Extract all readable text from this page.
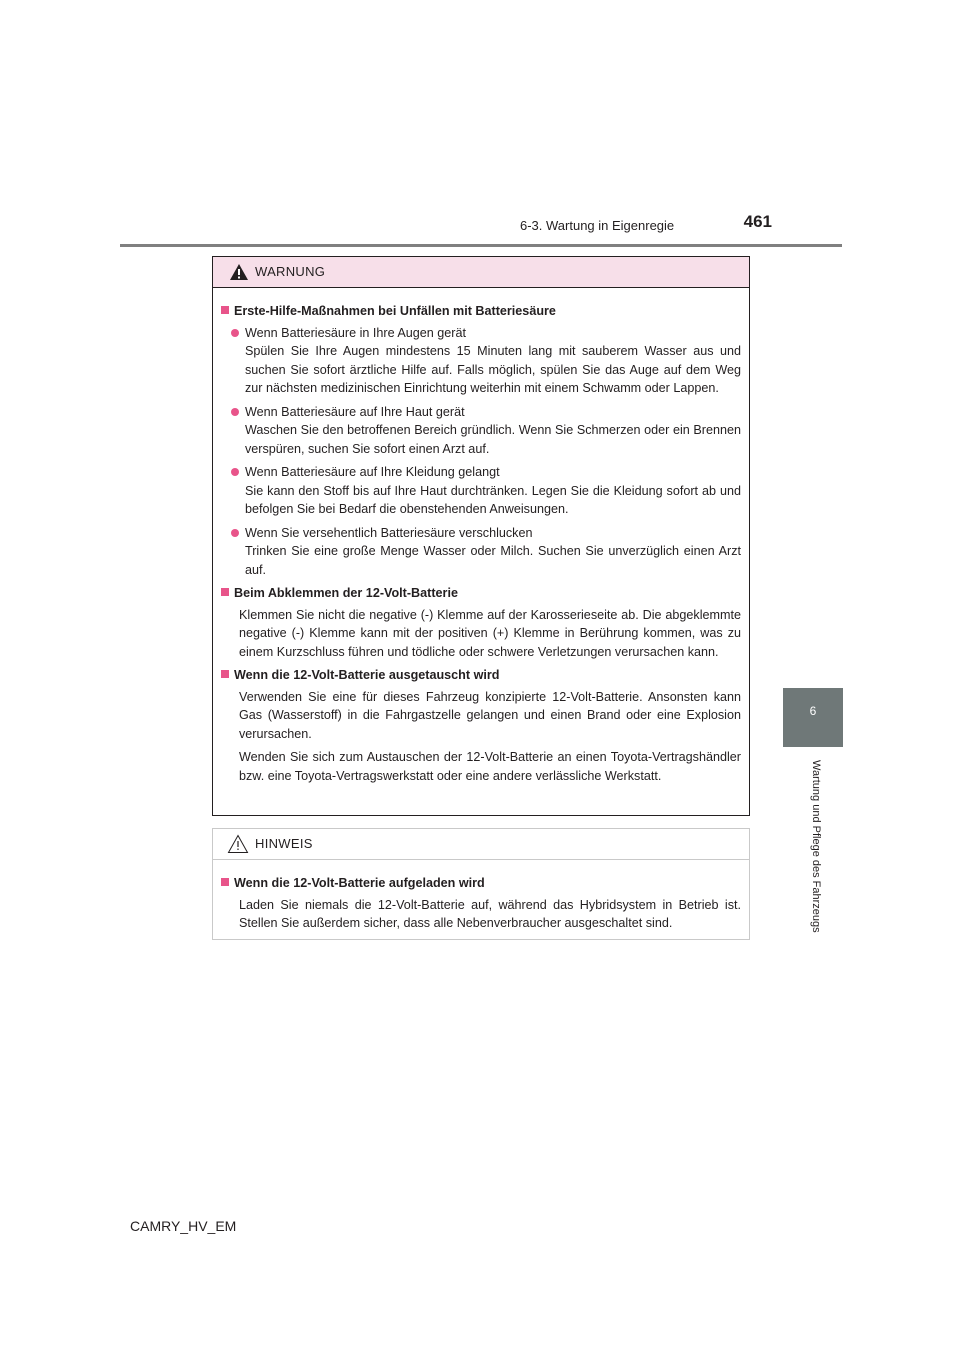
6-3. Wartung in Eigenregie	461
6
Wartung und Pflege des Fahrzeugs
WARNUNG
Erste-Hilfe-Maßnahmen bei Unfällen mit Batteriesäure
Wenn Batteriesäure in Ihre Augen gerät
Spülen Sie Ihre Augen mindestens 15 Minuten lang mit sauberem Wasser aus und suchen Sie sofort ärztliche Hilfe auf. Falls möglich, spülen Sie das Auge auf dem Weg zur nächsten medizinischen Einrichtung weiterhin mit einem Schwamm oder Lappen.
Wenn Batteriesäure auf Ihre Haut gerät
Waschen Sie den betroffenen Bereich gründlich. Wenn Sie Schmerzen oder ein Brennen verspüren, suchen Sie sofort einen Arzt auf.
Wenn Batteriesäure auf Ihre Kleidung gelangt
Sie kann den Stoff bis auf Ihre Haut durchtränken. Legen Sie die Kleidung sofort ab und befolgen Sie bei Bedarf die obenstehenden Anweisungen.
Wenn Sie versehentlich Batteriesäure verschlucken
Trinken Sie eine große Menge Wasser oder Milch. Suchen Sie unverzüglich einen Arzt auf.
Beim Abklemmen der 12-Volt-Batterie

Klemmen Sie nicht die negative (-) Klemme auf der Karosserieseite ab. Die abgeklemmte negative (-) Klemme kann mit der positiven (+) Klemme in Berührung kommen, was zu einem Kurzschluss führen und tödliche oder schwere Verletzungen verursachen kann.

Wenn die 12-Volt-Batterie ausgetauscht wird

Verwenden Sie eine für dieses Fahrzeug konzipierte 12-Volt-Batterie. Ansonsten kann Gas (Wasserstoff) in die Fahrgastzelle gelangen und einen Brand oder eine Explosion verursachen.

Wenden Sie sich zum Austauschen der 12-Volt-Batterie an einen Toyota-Vertragshändler bzw. eine Toyota-Vertragswerkstatt oder eine andere verlässliche Werkstatt.

HINWEIS
Wenn die 12-Volt-Batterie aufgeladen wird

Laden Sie niemals die 12-Volt-Batterie auf, während das Hybridsystem in Betrieb ist. Stellen Sie außerdem sicher, dass alle Nebenverbraucher ausgeschaltet sind.

CAMRY_HV_EM
